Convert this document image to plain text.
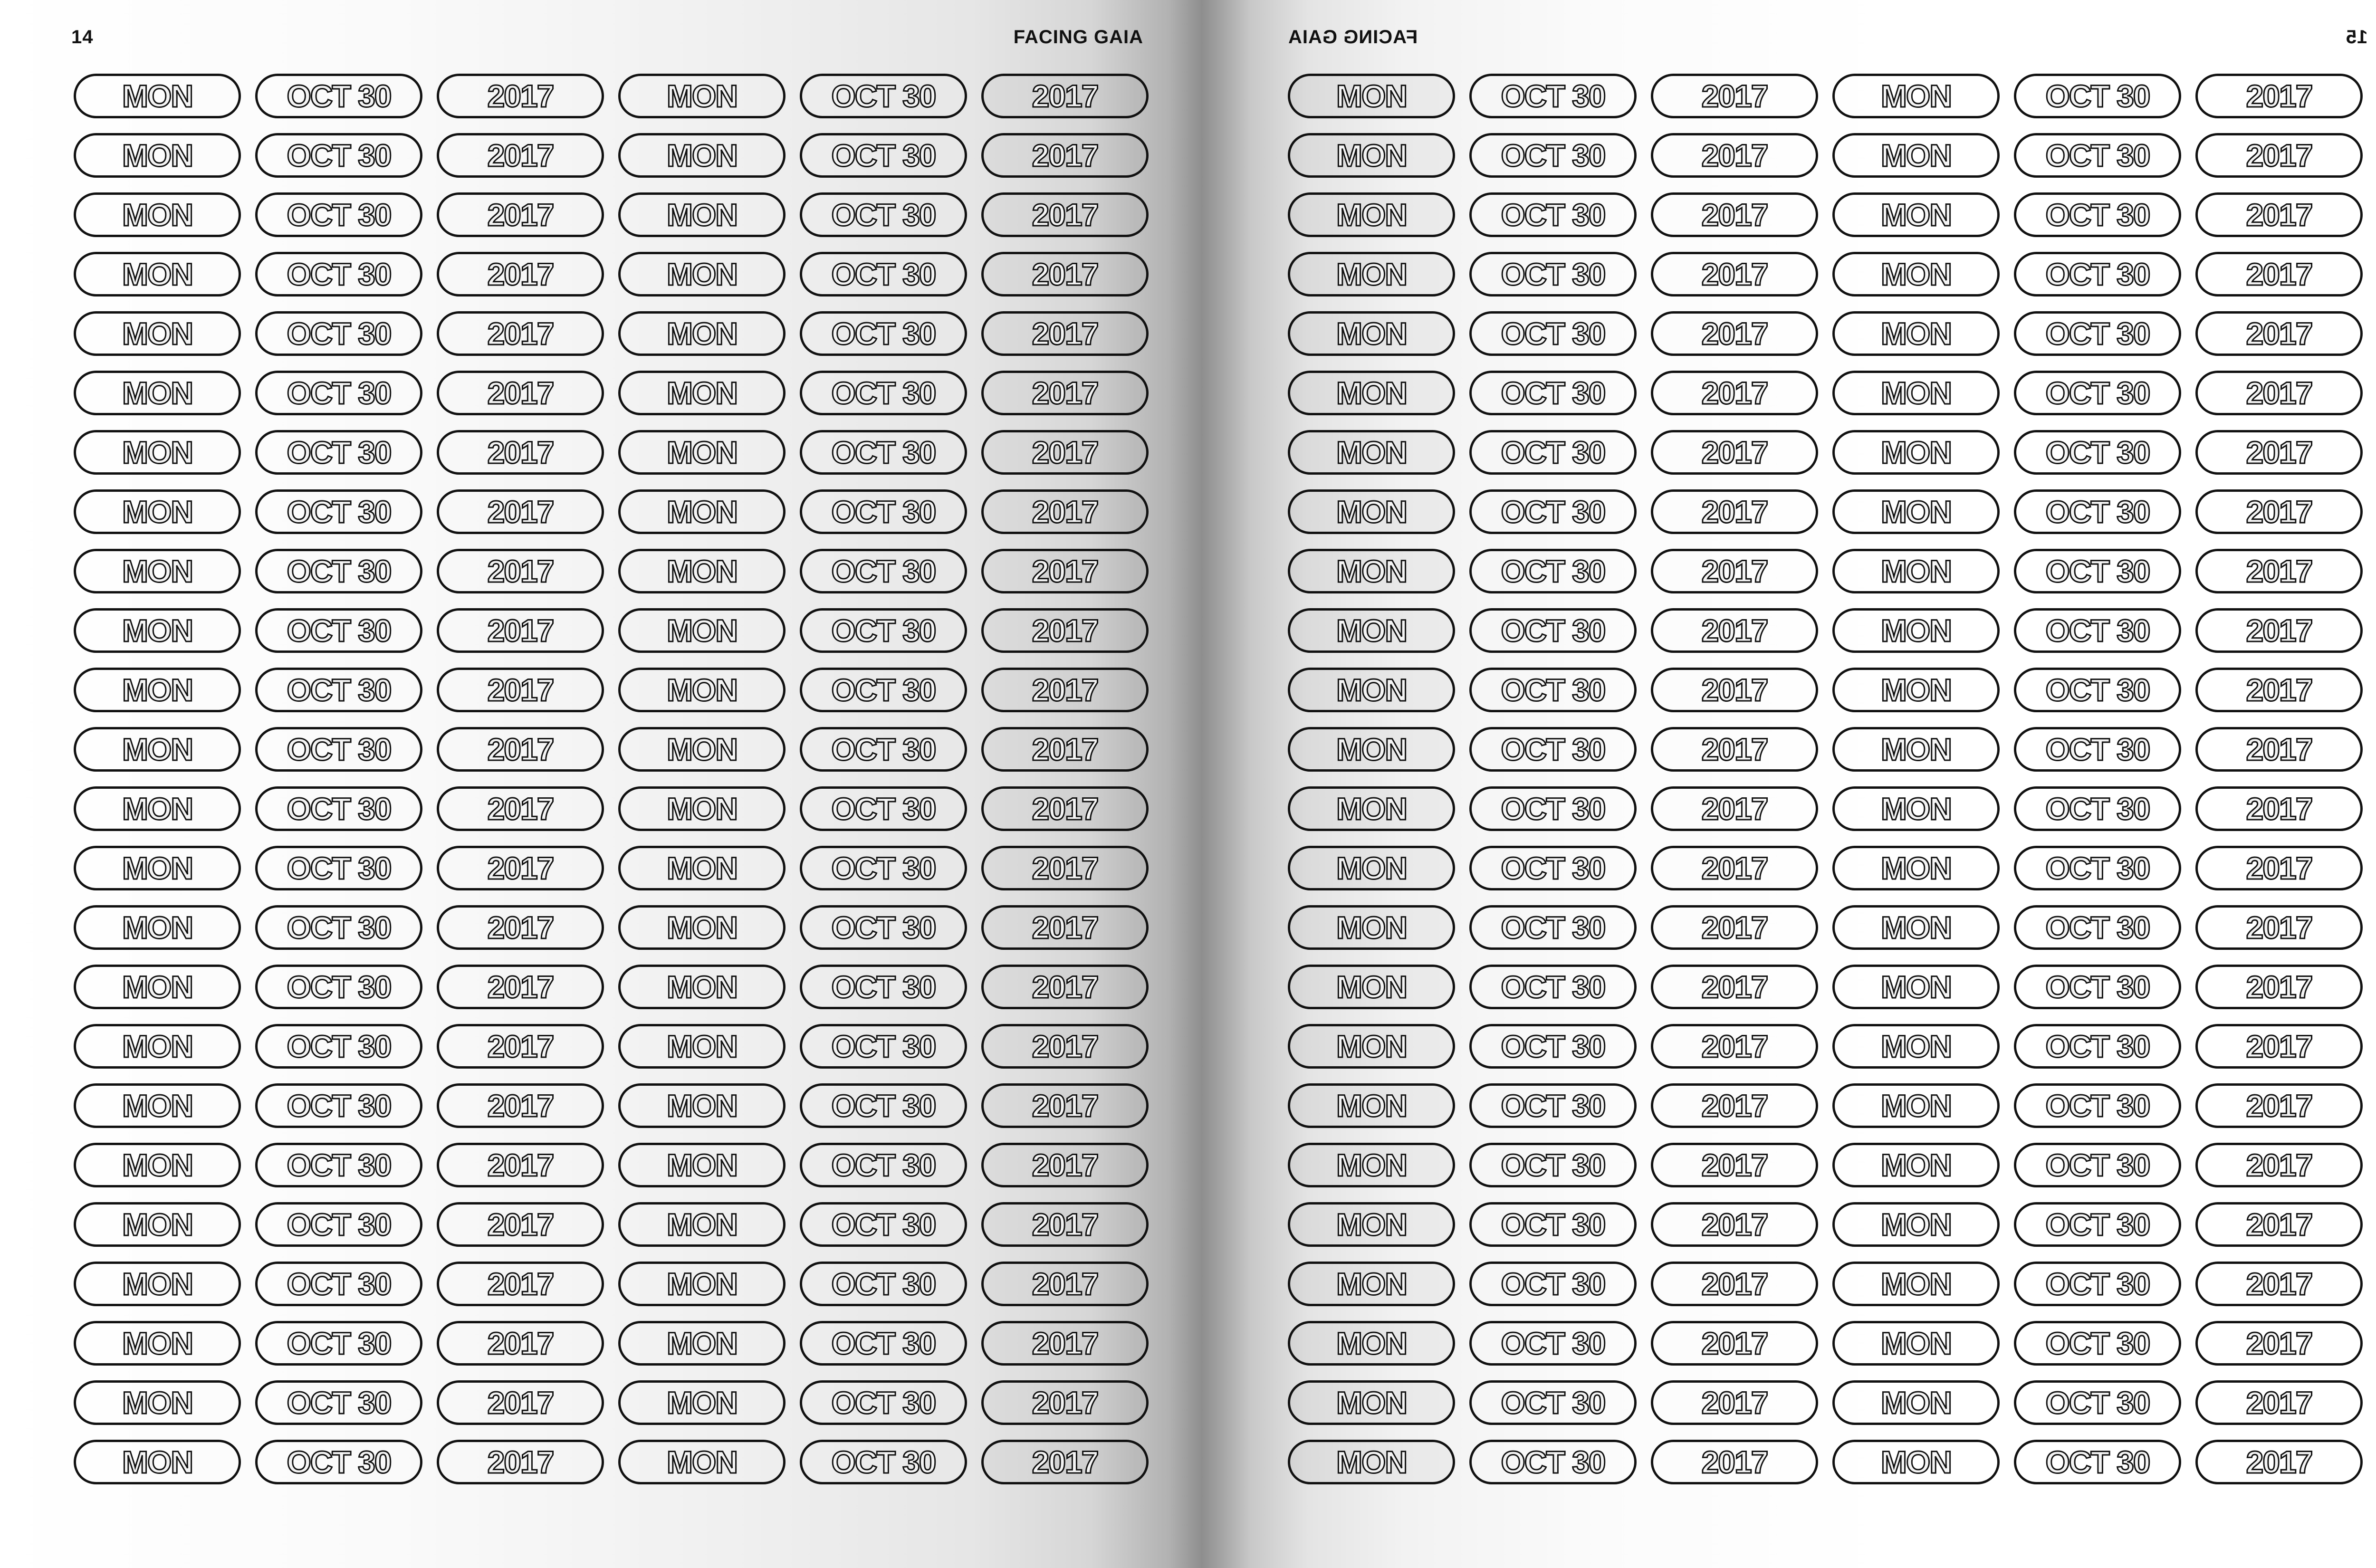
14	FACING GAIA
MON	OCT 30	2017	MON	OCT 30	2017
MON	OCT 30	2017	MON	OCT 30	2017
MON	OCT 30	2017	MON	OCT 30	2017
MON	OCT 30	2017	MON	OCT 30	2017
MON	OCT 30	2017	MON	OCT 30	2017
MON	OCT 30	2017	MON	OCT 30	2017
MON	OCT 30	2017	MON	OCT 30	2017
MON	OCT 30	2017	MON	OCT 30	2017
MON	OCT 30	2017	MON	OCT 30	2017
MON	OCT 30	2017	MON	OCT 30	2017
MON	OCT 30	2017	MON	OCT 30	2017
MON	OCT 30	2017	MON	OCT 30	2017
MON	OCT 30	2017	MON	OCT 30	2017
MON	OCT 30	2017	MON	OCT 30	2017
MON	OCT 30	2017	MON	OCT 30	2017
MON	OCT 30	2017	MON	OCT 30	2017
MON	OCT 30	2017	MON	OCT 30	2017
MON	OCT 30	2017	MON	OCT 30	2017
MON	OCT 30	2017	MON	OCT 30	2017
MON	OCT 30	2017	MON	OCT 30	2017
MON	OCT 30	2017	MON	OCT 30	2017
MON	OCT 30	2017	MON	OCT 30	2017
MON	OCT 30	2017	MON	OCT 30	2017
MON	OCT 30	2017	MON	OCT 30	2017
15
FACING GAIA
MON	OCT 30	2017	MON	OCT 30	2017
MON	OCT 30	2017	MON	OCT 30	2017
MON	OCT 30	2017	MON	OCT 30	2017
MON	OCT 30	2017	MON	OCT 30	2017
MON	OCT 30	2017	MON	OCT 30	2017
MON	OCT 30	2017	MON	OCT 30	2017
MON	OCT 30	2017	MON	OCT 30	2017
MON	OCT 30	2017	MON	OCT 30	2017
MON	OCT 30	2017	MON	OCT 30	2017
MON	OCT 30	2017	MON	OCT 30	2017
MON	OCT 30	2017	MON	OCT 30	2017
MON	OCT 30	2017	MON	OCT 30	2017
MON	OCT 30	2017	MON	OCT 30	2017
MON	OCT 30	2017	MON	OCT 30	2017
MON	OCT 30	2017	MON	OCT 30	2017
MON	OCT 30	2017	MON	OCT 30	2017
MON	OCT 30	2017	MON	OCT 30	2017
MON	OCT 30	2017	MON	OCT 30	2017
MON	OCT 30	2017	MON	OCT 30	2017
MON	OCT 30	2017	MON	OCT 30	2017
MON	OCT 30	2017	MON	OCT 30	2017
MON	OCT 30	2017	MON	OCT 30	2017
MON	OCT 30	2017	MON	OCT 30	2017
MON	OCT 30	2017	MON	OCT 30	2017
